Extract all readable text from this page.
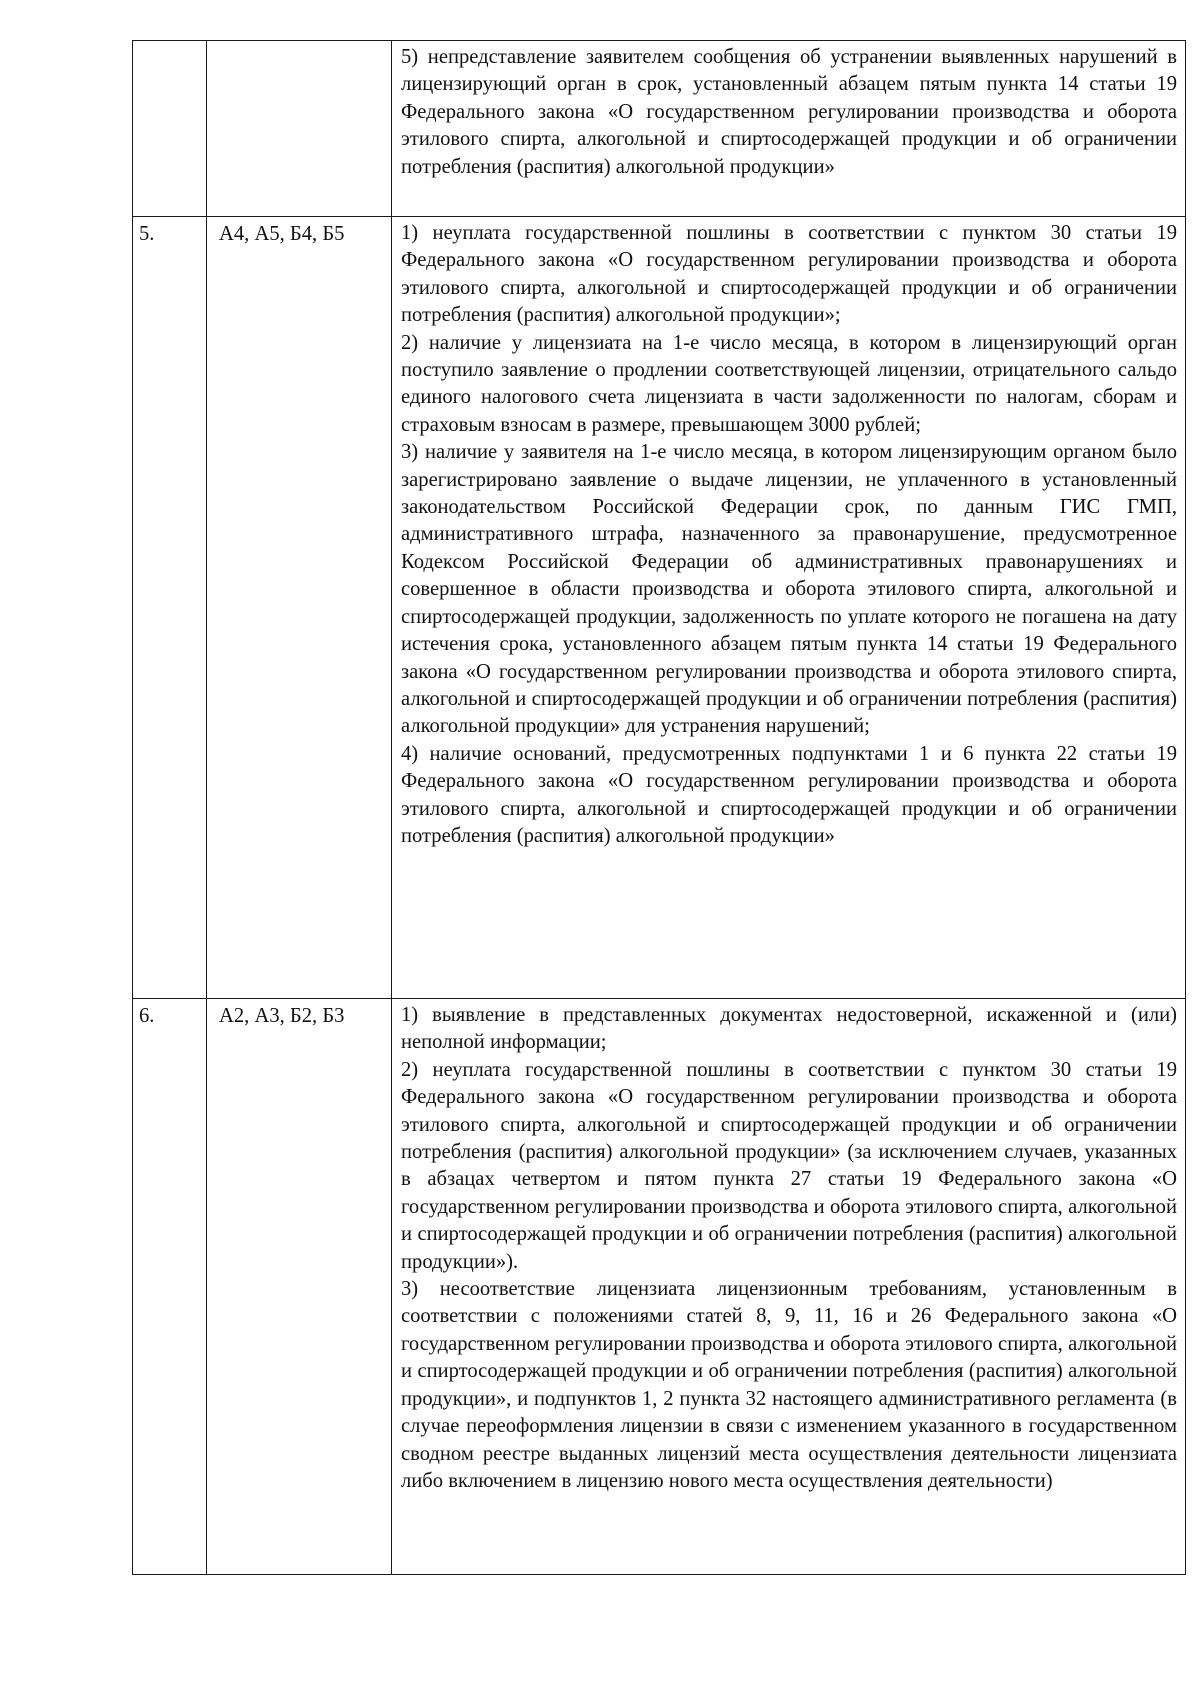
		5) непредставление заявителем сообщения об устранении выявленных нарушений в лицензирующий орган в срок, установленный абзацем пятым пункта 14 статьи 19 Федерального закона «О государственном регулировании производства и оборота этилового спирта, алкогольной и спиртосодержащей продукции и об ограничении потребления (распития) алкогольной продукции»

5.	А4, А5, Б4, Б5	1) неуплата государственной пошлины в соответствии с пунктом 30 статьи 19 Федерального закона «О государственном регулировании производства и оборота этилового спирта, алкогольной и спиртосодержащей продукции и об ограничении потребления (распития) алкогольной продукции»;

2) наличие у лицензиата на 1-е число месяца, в котором в лицензирующий орган поступило заявление о продлении соответствующей лицензии, отрицательного сальдо единого налогового счета лицензиата в части задолженности по налогам, сборам и страховым взносам в размере, превышающем 3000 рублей;

3) наличие у заявителя на 1-е число месяца, в котором лицензирующим органом было зарегистрировано заявление о выдаче лицензии, не уплаченного в установленный законодательством Российской Федерации срок, по данным ГИС ГМП, административного штрафа, назначенного за правонарушение, предусмотренное Кодексом Российской Федерации об административных правонарушениях и совершенное в области производства и оборота этилового спирта, алкогольной и спиртосодержащей продукции, задолженность по уплате которого не погашена на дату истечения срока, установленного абзацем пятым пункта 14 статьи 19 Федерального закона «О государственном регулировании производства и оборота этилового спирта, алкогольной и спиртосодержащей продукции и об ограничении потребления (распития) алкогольной продукции» для устранения нарушений;

4) наличие оснований, предусмотренных подпунктами 1 и 6 пункта 22 статьи 19 Федерального закона «О государственном регулировании производства и оборота этилового спирта, алкогольной и спиртосодержащей продукции и об ограничении потребления (распития) алкогольной продукции»

6.	А2, А3, Б2, Б3	1) выявление в представленных документах недостоверной, искаженной и (или) неполной информации;

2) неуплата государственной пошлины в соответствии с пунктом 30 статьи 19 Федерального закона «О государственном регулировании производства и оборота этилового спирта, алкогольной и спиртосодержащей продукции и об ограничении потребления (распития) алкогольной продукции» (за исключением случаев, указанных в абзацах четвертом и пятом пункта 27 статьи 19 Федерального закона «О государственном регулировании производства и оборота этилового спирта, алкогольной и спиртосодержащей продукции и об ограничении потребления (распития) алкогольной продукции»).

3) несоответствие лицензиата лицензионным требованиям, установленным в соответствии с положениями статей 8, 9, 11, 16 и 26 Федерального закона «О государственном регулировании производства и оборота этилового спирта, алкогольной и спиртосодержащей продукции и об ограничении потребления (распития) алкогольной продукции», и подпунктов 1, 2 пункта 32 настоящего административного регламента (в случае переоформления лицензии в связи с изменением указанного в государственном сводном реестре выданных лицензий места осуществления деятельности лицензиата либо включением в лицензию нового места осуществления деятельности)
